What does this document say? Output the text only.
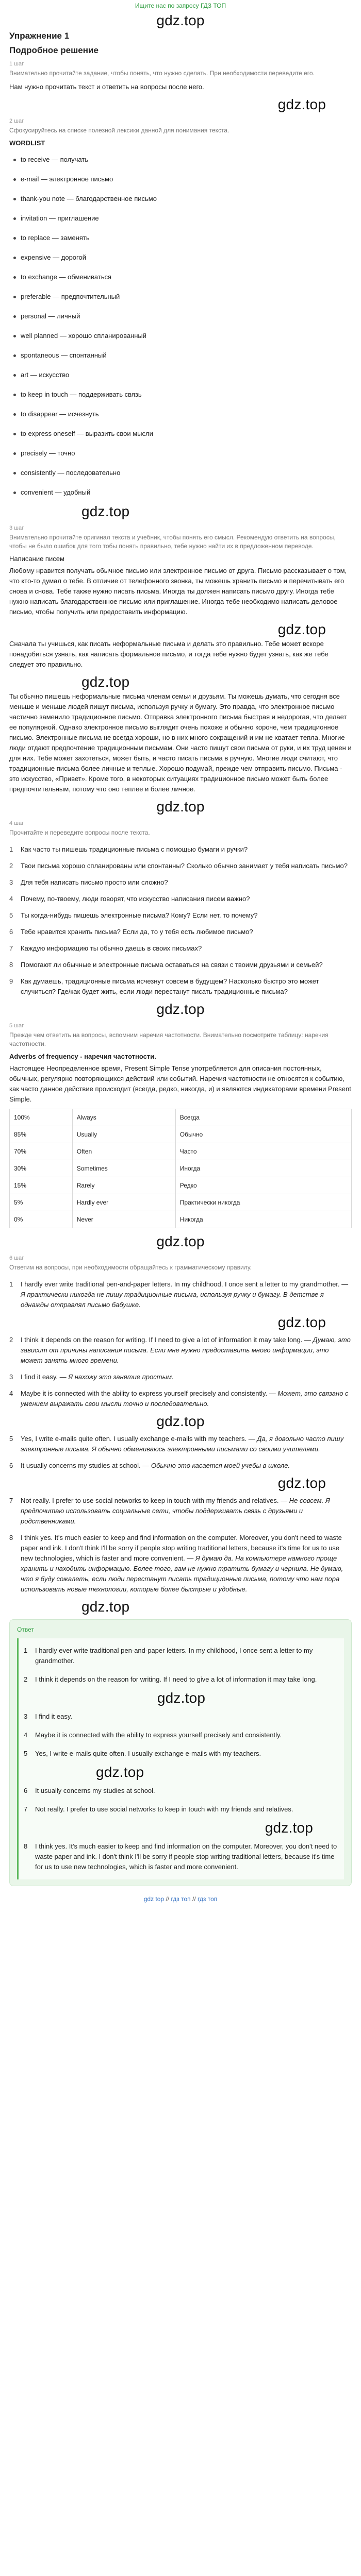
Ищите нас по запросу ГДЗ ТОП
gdz.top
Упражнение 1
Подробное решение
1 шаг
Внимательно прочитайте задание, чтобы понять, что нужно сделать. При необходимости переведите его.
Нам нужно прочитать текст и ответить на вопросы после него.
gdz.top
2 шаг
Сфокусируйтесь на списке полезной лексики данной для понимания текста.
WORDLIST
to receive — получать
e-mail — электронное письмо
thank-you note — благодарственное письмо
invitation — приглашение
to replace — заменять
expensive — дорогой
to exchange — обмениваться
preferable — предпочтительный
personal — личный
well planned — хорошо спланированный
spontaneous — спонтанный
art — искусство
to keep in touch — поддерживать связь
to disappear — исчезнуть
to express oneself — выразить свои мысли
precisely — точно
consistently — последовательно
convenient — удобный
gdz.top
3 шаг
Внимательно прочитайте оригинал текста и учебник, чтобы понять его смысл. Рекомендую ответить на вопросы, чтобы не было ошибок для того тобы понять правильно, тебе нужно найти их в предложенном переводе.
Написание писем

Любому нравится получать обычное письмо или электронное письмо от друга. Письмо рассказывает о том, что кто-то думал о тебе. В отличие от телефонного звонка, ты можешь хранить письмо и перечитывать его снова и снова. Тебе также нужно писать письма. Иногда ты должен написать письмо другу. Иногда тебе нужно написать благодарственное письмо или приглашение. Иногда тебе необходимо написать деловое письмо, чтобы получить или предоставить информацию.

gdz.top

Сначала ты учишься, как писать неформальные письма и делать это правильно. Тебе может вскоре понадобиться узнать, как написать формальное письмо, и тогда тебе нужно будет узнать, как же тебе следует это правильно.

gdz.top

Ты обычно пишешь неформальные письма членам семьи и друзьям. Ты можешь думать, что сегодня все меньше и меньше людей пишут письма, используя ручку и бумагу. Это правда, что электронное письмо частично заменило традиционное письмо. Отправка электронного письма быстрая и недорогая, что делает ее популярной. Однако электронное письмо выглядит очень похоже и обычно короче, чем традиционное письмо. Электронные письма не всегда хороши, но в них много сокращений и им не хватает тепла. Многие люди отдают предпочтение традиционным письмам. Они часто пишут свои письма от руки, и их труд ценен и для них. Тебе может захотеться, может быть, и часто писать письма в ручную. Многие люди считают, что традиционные письма более личные и теплые. Хорошо подумай, прежде чем отправить письмо. Письма - это искусство, «Привет». Кроме того, в некоторых ситуациях традиционное письмо может быть более предпочтительным, потому что оно теплее и более личное.

gdz.top
4 шаг
Прочитайте и переведите вопросы после текста.
1	Как часто ты пишешь традиционные письма с помощью бумаги и ручки?
2	Твои письма хорошо спланированы или спонтанны? Сколько обычно занимает у тебя написать письмо?
3	Для тебя написать письмо просто или сложно?
4	Почему, по-твоему, люди говорят, что искусство написания писем важно?
5	Ты когда-нибудь пишешь электронные письма? Кому? Если нет, то почему?
6	Тебе нравится хранить письма? Если да, то у тебя есть любимое письмо?
7	Каждую информацию ты обычно даешь в своих письмах?
8	Помогают ли обычные и электронные письма оставаться на связи с твоими друзьями и семьей?
9	Как думаешь, традиционные письма исчезнут совсем в будущем? Насколько быстро это может случиться? Где/как будет жить, если люди перестанут писать традиционные письма?
gdz.top
5 шаг
Прежде чем ответить на вопросы, вспомним наречия частотности. Внимательно посмотрите таблицу: наречия частотности.
Adverbs of frequency - наречия частотности.

Настоящее Неопределенное время, Present Simple Tense употребляется для описания постоянных, обычных, регулярно повторяющихся действий или событий. Наречия частотности не относятся к событию, как часто данное действие происходит (всегда, редко, никогда, и) и являются индикаторами времени Present Simple.

100%	Always	Всегда
85%	Usually	Обычно
70%	Often	Часто
30%	Sometimes	Иногда
15%	Rarely	Редко
5%	Hardly ever	Практически никогда
0%	Never	Никогда
gdz.top
6 шаг
Ответим на вопросы, при необходимости обращайтесь к грамматическому правилу.
1	I hardly ever write traditional pen-and-paper letters. In my childhood, I once sent a letter to my grandmother. — Я практически никогда не пишу традиционные письма, используя ручку и бумагу. В детстве я однажды отправлял письмо бабушке.
gdz.top
2	I think it depends on the reason for writing. If I need to give a lot of information it may take long. — Думаю, это зависит от причины написания письма. Если мне нужно предоставить много информации, это может занять много времени.
3	I find it easy. — Я нахожу это занятие простым.
4	Maybe it is connected with the ability to express yourself precisely and consistently. — Может, это связано с умением выражать свои мысли точно и последовательно.
gdz.top
5	Yes, I write e-mails quite often. I usually exchange e-mails with my teachers. — Да, я довольно часто пишу электронные письма. Я обычно обмениваюсь электронными письмами со своими учителями.
6	It usually concerns my studies at school. — Обычно это касается моей учебы в школе.
gdz.top
7	Not really. I prefer to use social networks to keep in touch with my friends and relatives. — Не совсем. Я предпочитаю использовать социальные сети, чтобы поддерживать связь с друзьями и родственниками.
8	I think yes. It's much easier to keep and find information on the computer. Moreover, you don't need to waste paper and ink. I don't think I'll be sorry if people stop writing traditional letters, because it's time for us to use new technologies, which is faster and more convenient. — Я думаю да. На компьютере намного проще хранить и находить информацию. Более того, вам не нужно тратить бумагу и чернила. Не думаю, что я буду сожалеть, если люди перестанут писать традиционные письма, потому что нам пора использовать новые технологии, которые более быстрые и удобные.
gdz.top
Ответ
1	I hardly ever write traditional pen-and-paper letters. In my childhood, I once sent a letter to my grandmother.
2	I think it depends on the reason for writing. If I need to give a lot of information it may take long.
gdz.top
3	I find it easy.
4	Maybe it is connected with the ability to express yourself precisely and consistently.
5	Yes, I write e-mails quite often. I usually exchange e-mails with my teachers.
gdz.top
6	It usually concerns my studies at school.
7	Not really. I prefer to use social networks to keep in touch with my friends and relatives.
gdz.top
8	I think yes. It's much easier to keep and find information on the computer. Moreover, you don't need to waste paper and ink. I don't think I'll be sorry if people stop writing traditional letters, because it's time for us to use new technologies, which is faster and more convenient.
gdz top // гдз топ // гдз топ
